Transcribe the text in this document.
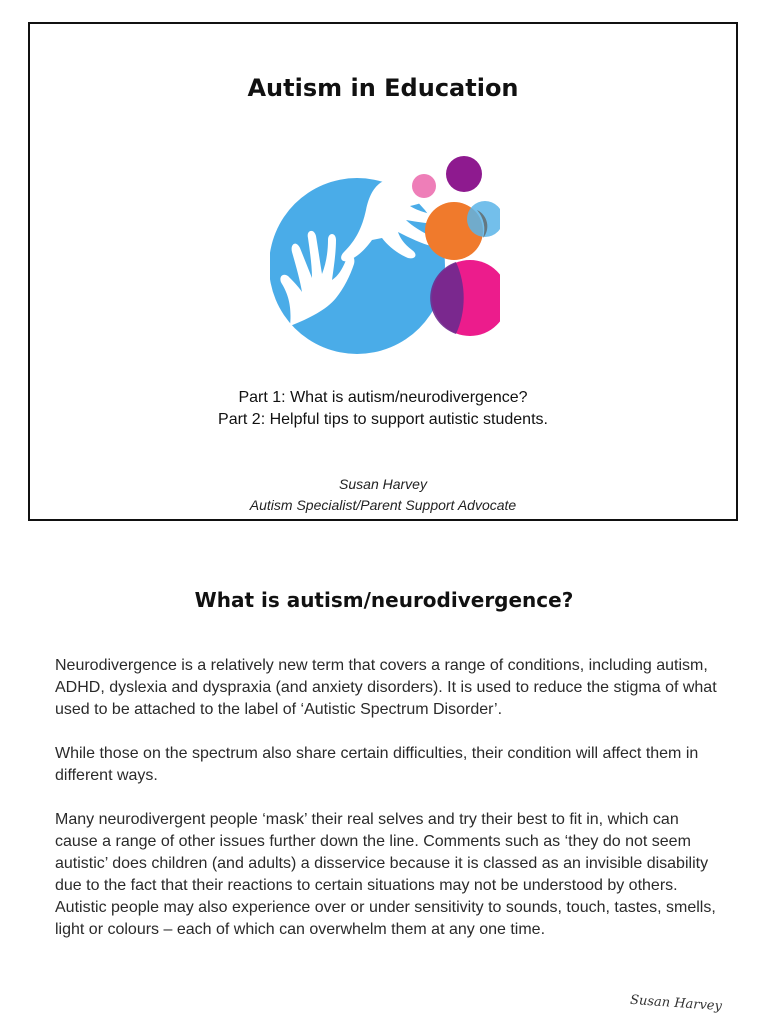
Autism in Education
Part 1: What is autism/neurodivergence?
Part 2: Helpful tips to support autistic students.
Susan Harvey
Autism Specialist/Parent Support Advocate
What is autism/neurodivergence?

Neurodivergence is a relatively new term that covers a range of conditions, including autism, ADHD, dyslexia and dyspraxia (and anxiety disorders). It is used to reduce the stigma of what used to be attached to the label of ‘Autistic Spectrum Disorder’.

While those on the spectrum also share certain difficulties, their condition will affect them in different ways.

Many neurodivergent people ‘mask’ their real selves and try their best to fit in, which can cause a range of other issues further down the line. Comments such as ‘they do not seem autistic’ does children (and adults) a disservice because it is classed as an invisible disability due to the fact that their reactions to certain situations may not be understood by others. Autistic people may also experience over or under sensitivity to sounds, touch, tastes, smells, light or colours – each of which can overwhelm them at any one time.

Susan Harvey
